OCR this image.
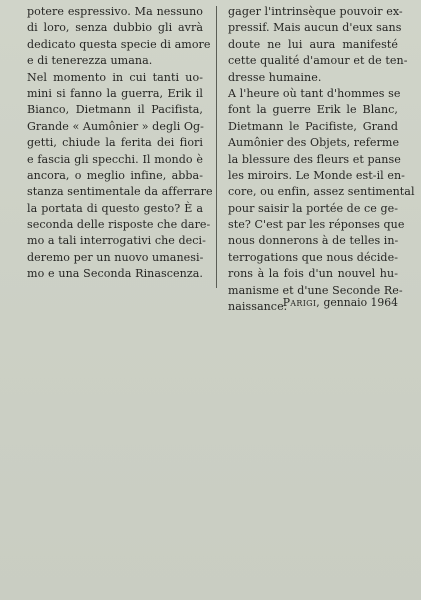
potere espressivo. Ma nessuno
di loro, senza dubbio gli avrà
dedicato questa specie di amore
e di tenerezza umana.
Nel momento in cui tanti uo-
mini si fanno la guerra, Erik il
Bianco, Dietmann il Pacifista,
Grande « Aumônier » degli Og-
getti, chiude la ferita dei fiori
e fascia gli specchi. Il mondo è
ancora, o meglio infine, abba-
stanza sentimentale da afferrare
la portata di questo gesto? È a
seconda delle risposte che dare-
mo a tali interrogativi che deci-
deremo per un nuovo umanesi-
mo e una Seconda Rinascenza.
gager l'intrinsèque pouvoir ex-
pressif. Mais aucun d'eux sans
doute ne lui aura manifesté
cette qualité d'amour et de ten-
dresse humaine.
A l'heure où tant d'hommes se
font la guerre Erik le Blanc,
Dietmann le Pacifiste, Grand
Aumônier des Objets, referme
la blessure des fleurs et panse
les miroirs. Le Monde est-il en-
core, ou enfin, assez sentimental
pour saisir la portée de ce ge-
ste? C'est par les réponses que
nous donnerons à de telles in-
terrogations que nous décide-
rons à la fois d'un nouvel hu-
manisme et d'une Seconde Re-
naissance.
Parigi, gennaio 1964
